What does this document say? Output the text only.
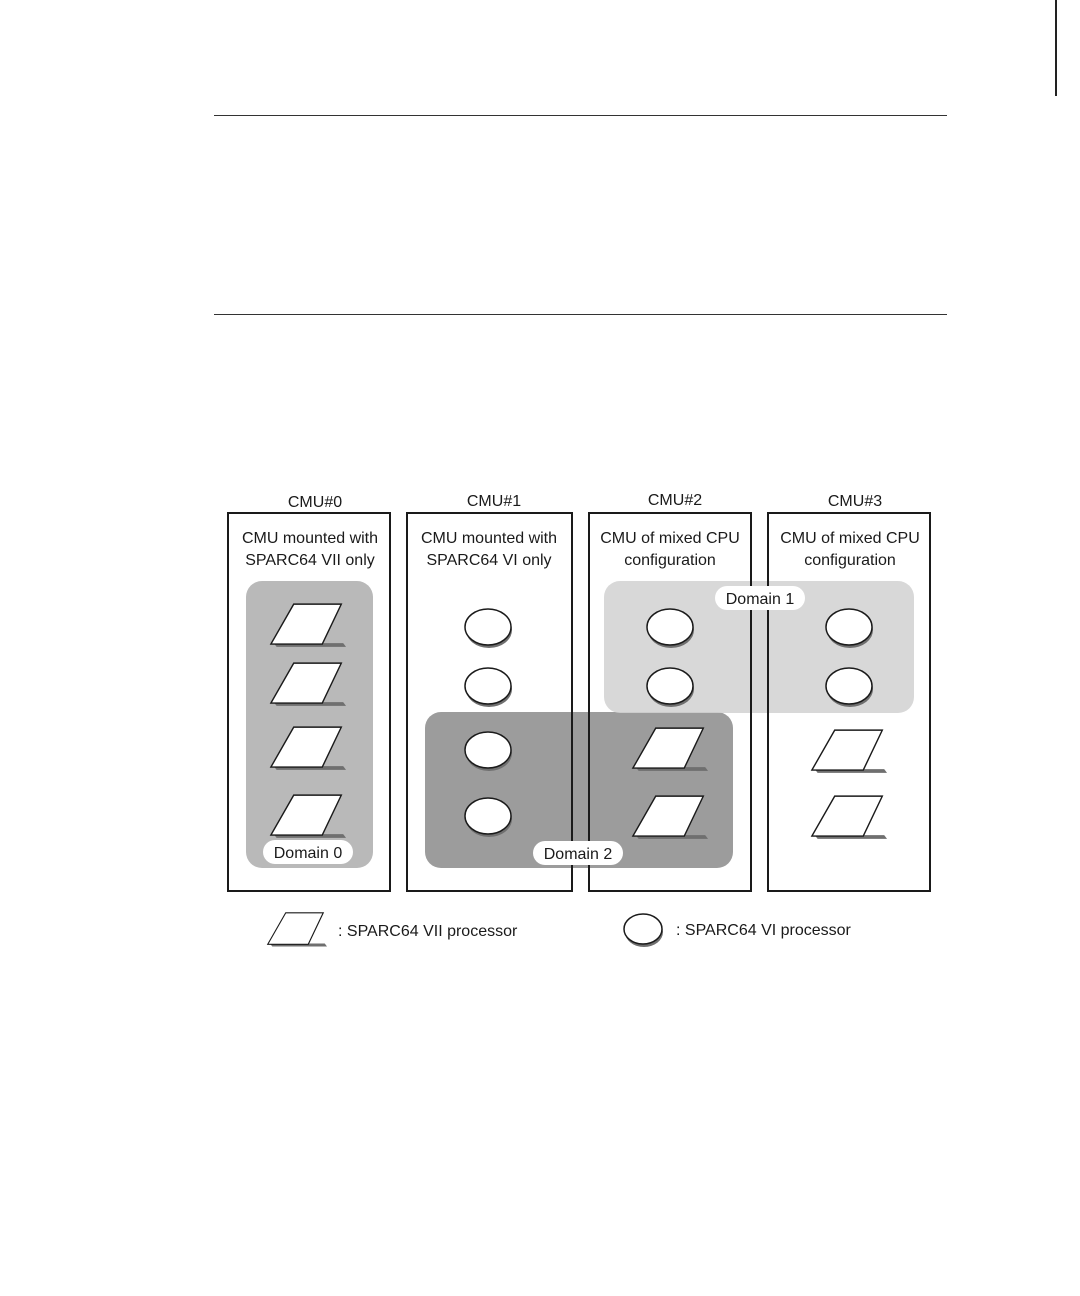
CMU#0	CMU#1	CMU#2	CMU#3
CMU mounted with
SPARC64 VII only
CMU mounted with
SPARC64 VI only
CMU of mixed CPU
configuration
CMU of mixed CPU
configuration
Domain 0
Domain 1
Domain 2
: SPARC64 VII processor	: SPARC64 VI processor
